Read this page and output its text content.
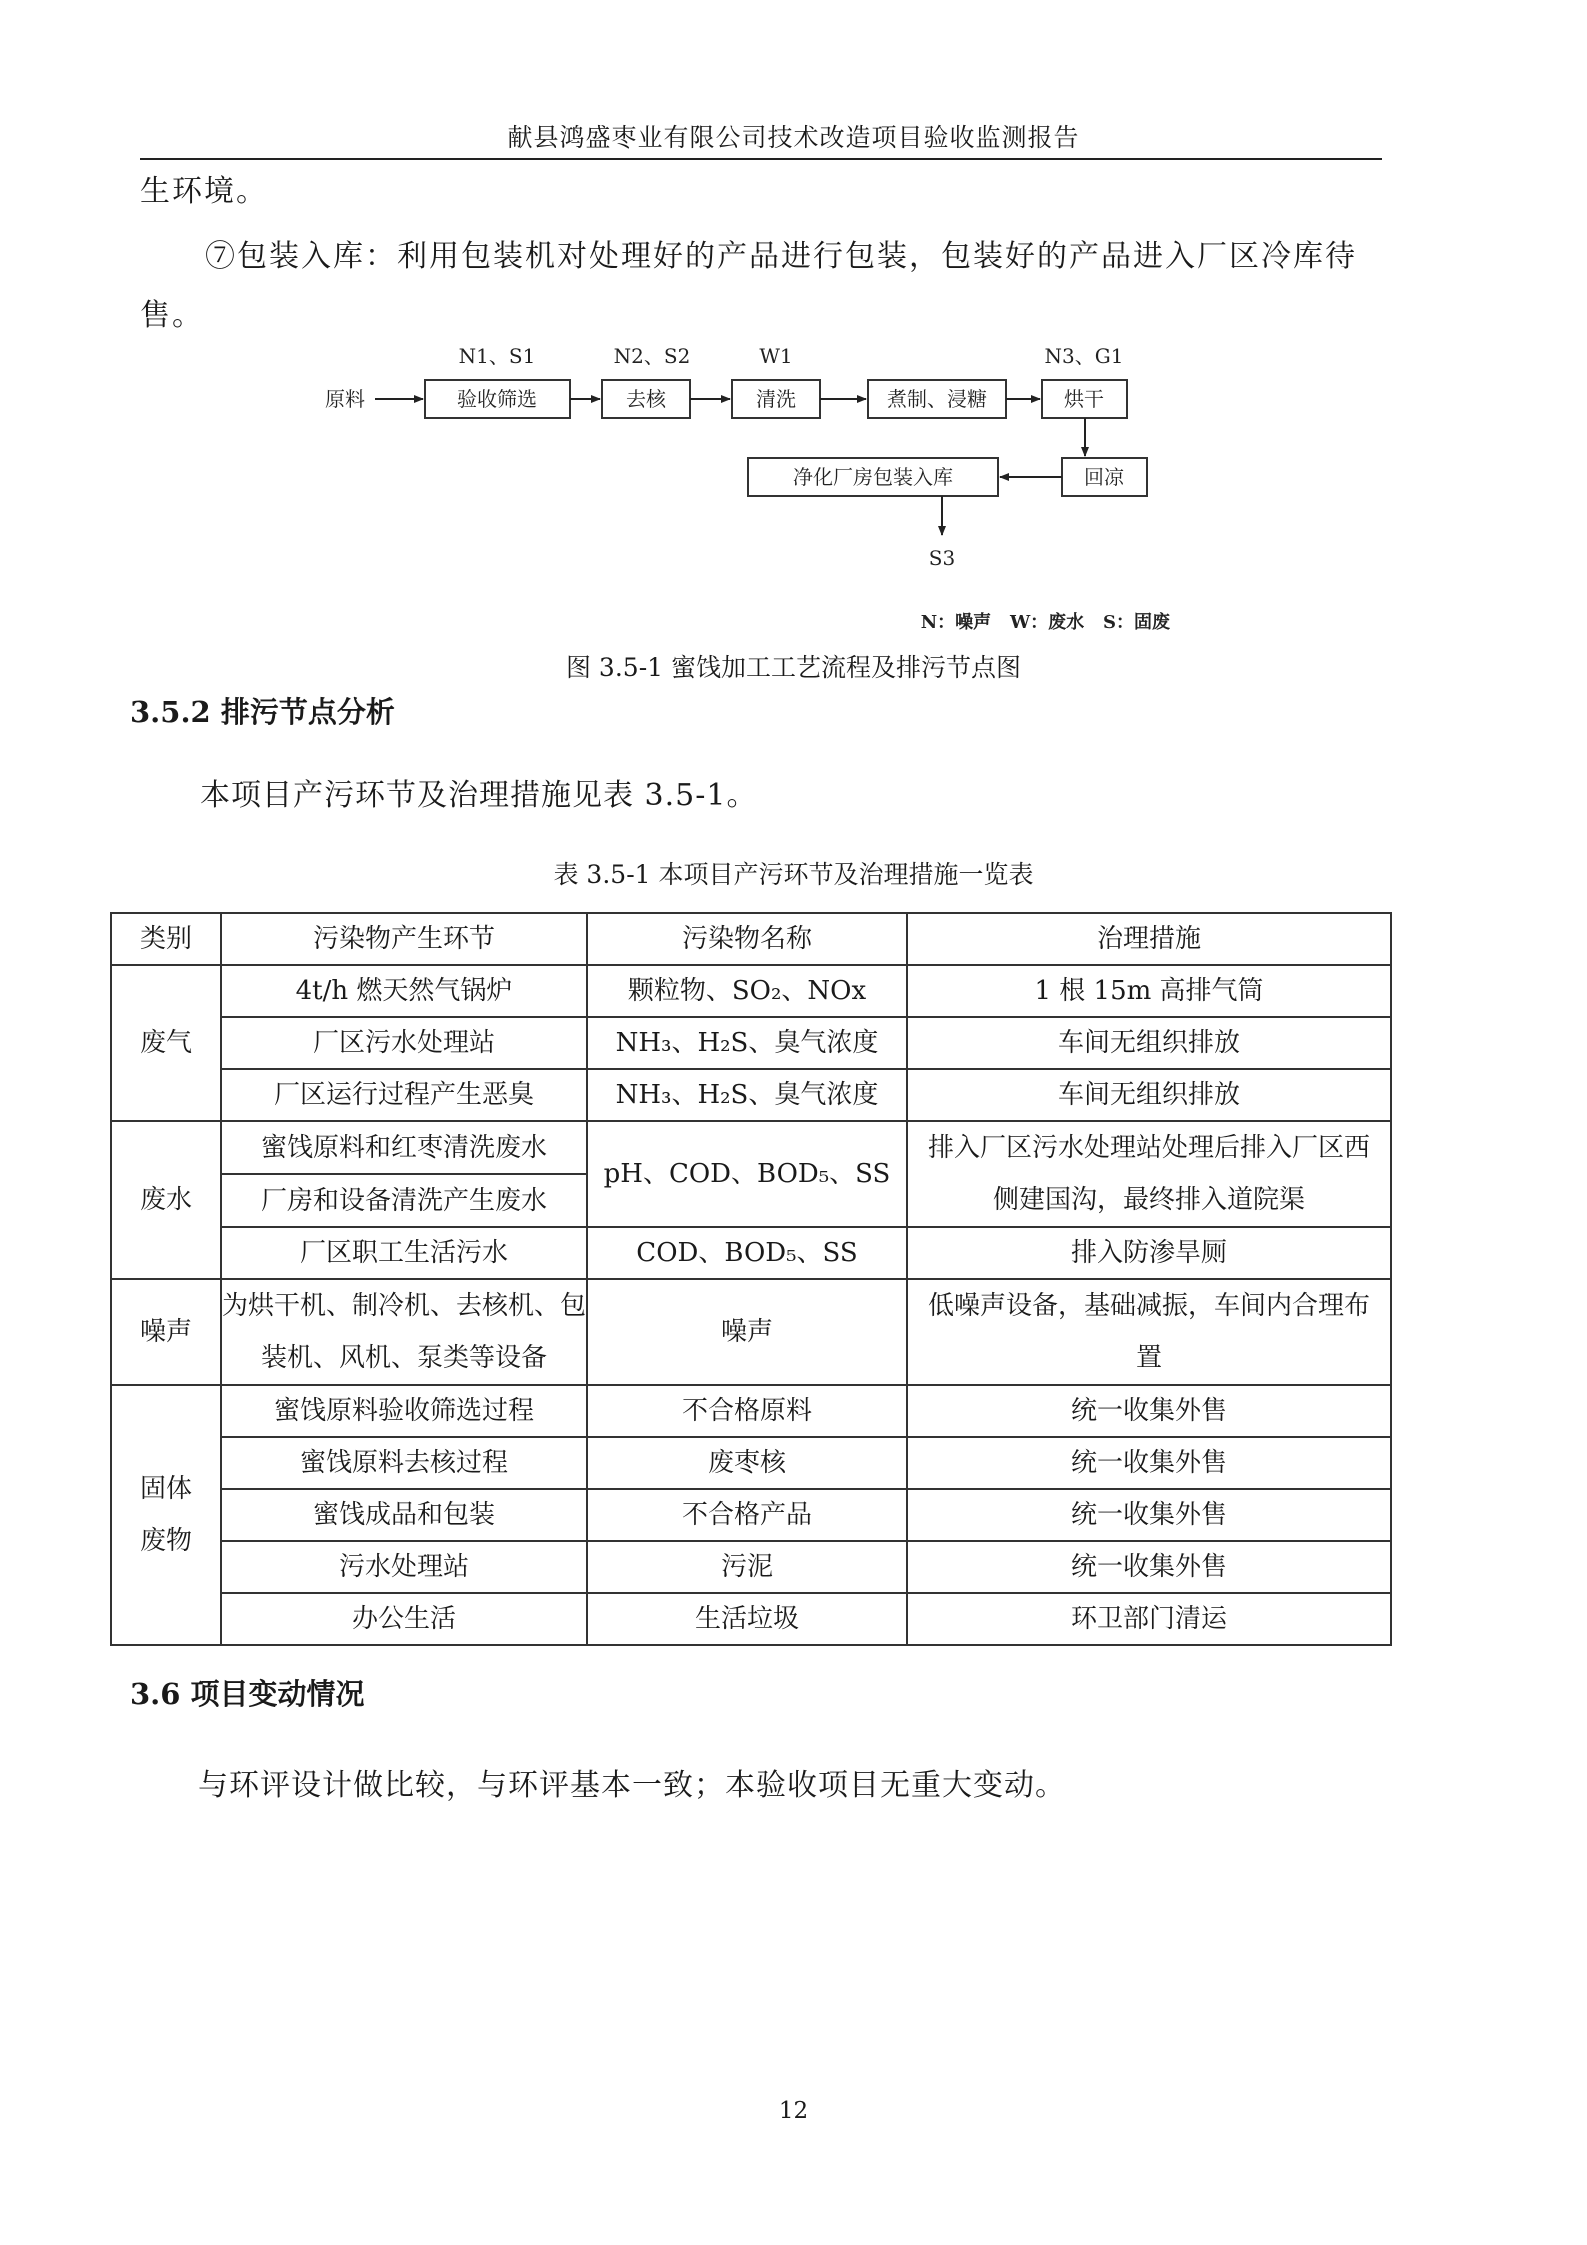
献县鸿盛枣业有限公司技术改造项目验收监测报告
生环境。
⑦包装入库：利用包装机对处理好的产品进行包装，包装好的产品进入厂区冷库待
售。
原料	验收筛选
N1、S1
去核
N2、S2
清洗
W1
煮制、浸糖	烘干
N3、G1
回凉
净化厂房包装入库
S3
N：噪声   W：废水   S：固废
图 3.5-1 蜜饯加工工艺流程及排污节点图
3.5.2 排污节点分析
本项目产污环节及治理措施见表 3.5-1。
表 3.5-1 本项目产污环节及治理措施一览表
类别	污染物产生环节	污染物名称	治理措施
废气	4t/h 燃天然气锅炉	颗粒物、SO₂、NOx	1 根 15m 高排气筒
	厂区污水处理站	NH₃、H₂S、臭气浓度	车间无组织排放
	厂区运行过程产生恶臭	NH₃、H₂S、臭气浓度	车间无组织排放
废水	蜜饯原料和红枣清洗废水	pH、COD、BOD₅、SS	排入厂区污水处理站处理后排入厂区西侧建国沟，最终排入道院渠
	厂房和设备清洗产生废水		
	厂区职工生活污水	COD、BOD₅、SS	排入防渗旱厕
噪声	为烘干机、制冷机、去核机、包装机、风机、泵类等设备	噪声	低噪声设备，基础减振，车间内合理布置
固体废物	蜜饯原料验收筛选过程	不合格原料	统一收集外售
	蜜饯原料去核过程	废枣核	统一收集外售
	蜜饯成品和包装	不合格产品	统一收集外售
	污水处理站	污泥	统一收集外售
	办公生活	生活垃圾	环卫部门清运
3.6 项目变动情况
与环评设计做比较，与环评基本一致；本验收项目无重大变动。
12
